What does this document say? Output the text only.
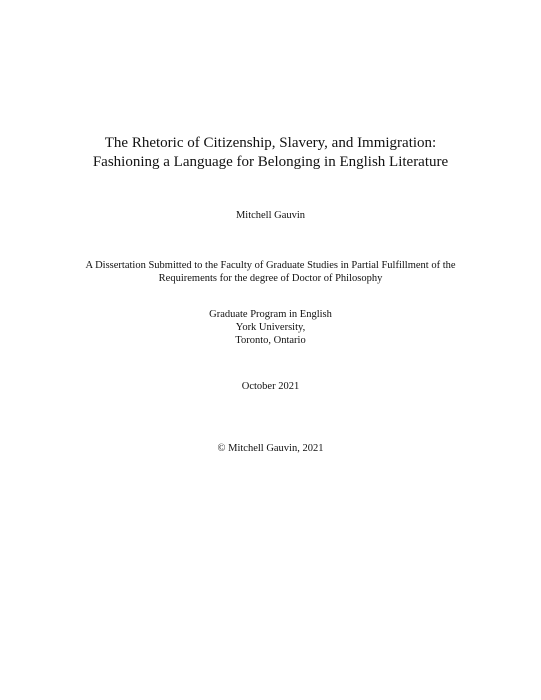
The Rhetoric of Citizenship, Slavery, and Immigration:
Fashioning a Language for Belonging in English Literature
Mitchell Gauvin
A Dissertation Submitted to the Faculty of Graduate Studies in Partial Fulfillment of the
Requirements for the degree of Doctor of Philosophy
Graduate Program in English
York University,
Toronto, Ontario
October 2021
© Mitchell Gauvin, 2021
